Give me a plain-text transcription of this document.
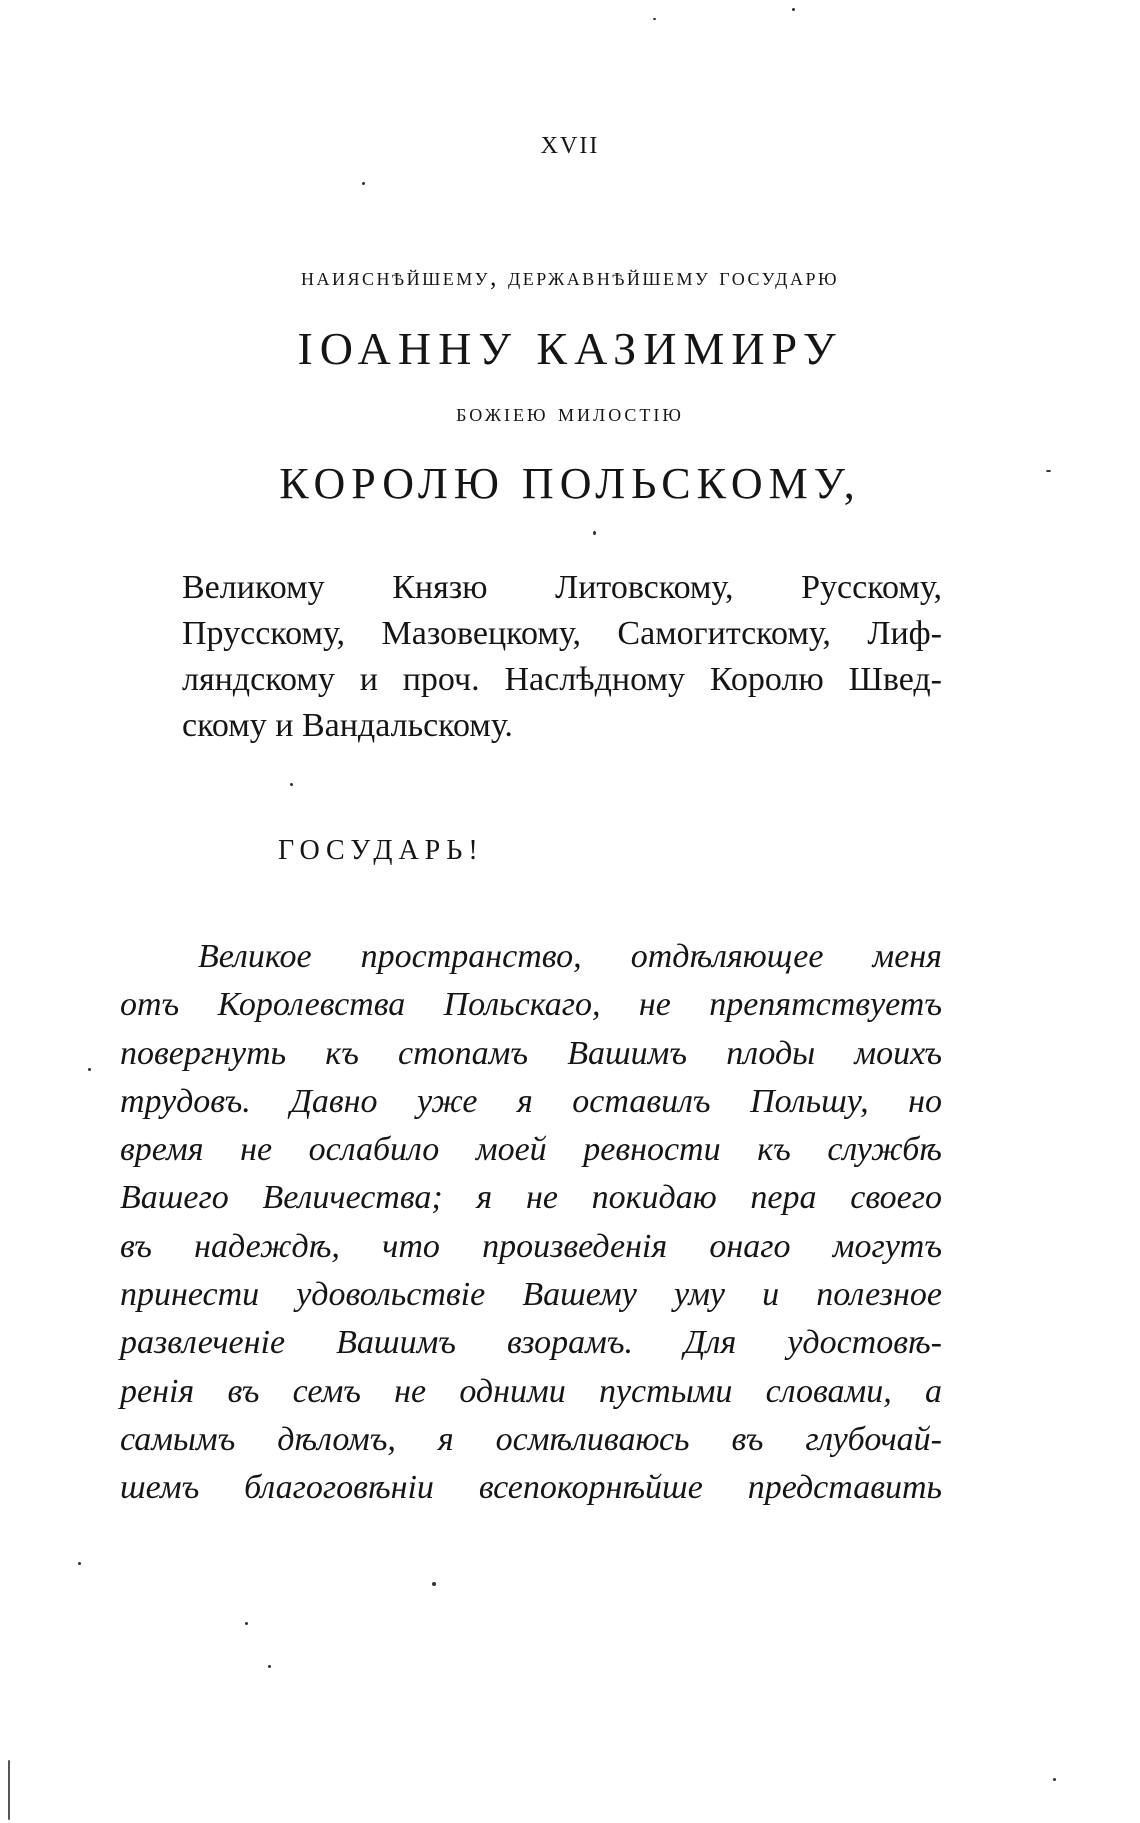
XVII
наияснѣйшему, державнѣйшему государю
IОАННУ КАЗИМИРУ
божiею милостiю
КОРОЛЮ ПОЛЬСКОМУ,
Великому Князю Литовскому, Русскому,
Прусскому, Мазовецкому, Самогитскому, Лиф-
ляндскому и проч. Наслѣдному Королю Швед-
скому и Вандальскому.
ГОСУДАРЬ!
Великое пространство, отдѣляющее меня
отъ Королевства Польскаго, не препятствуетъ
повергнуть къ стопамъ Вашимъ плоды моихъ
трудовъ. Давно уже я оставилъ Польшу, но
время не ослабило моей ревности къ службѣ
Вашего Величества; я не покидаю пера своего
въ надеждѣ, что произведенiя онаго могутъ
принести удовольствiе Вашему уму и полезное
развлеченiе Вашимъ взорамъ. Для удостовѣ-
ренiя въ семъ не одними пустыми словами, а
самымъ дѣломъ, я осмѣливаюсь въ глубочай-
шемъ благоговѣнiи всепокорнѣйше представить
